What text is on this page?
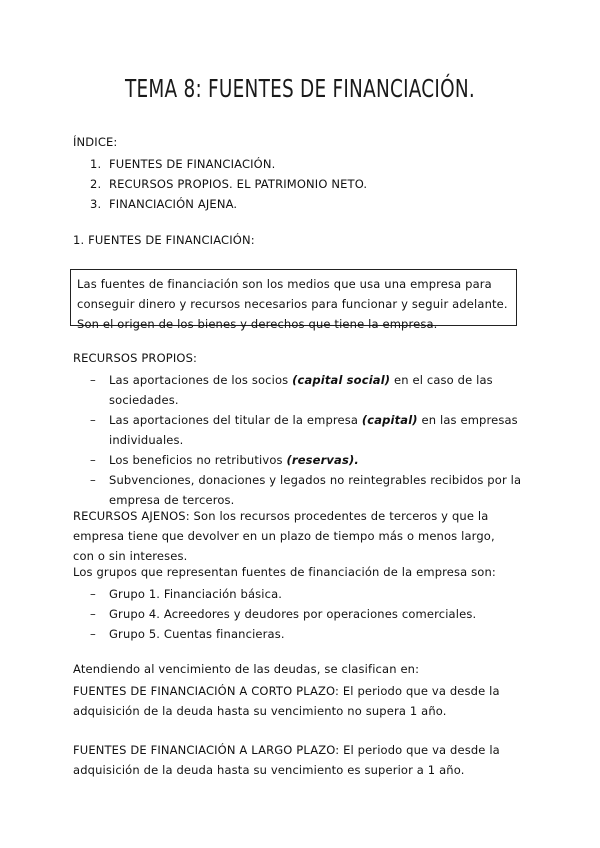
TEMA 8: FUENTES DE FINANCIACIÓN.
ÍNDICE:
1. FUENTES DE FINANCIACIÓN.
2. RECURSOS PROPIOS. EL PATRIMONIO NETO.
3. FINANCIACIÓN AJENA.
1. FUENTES DE FINANCIACIÓN:
Las fuentes de financiación son los medios que usa una empresa para conseguir dinero y recursos necesarios para funcionar y seguir adelante. Son el origen de los bienes y derechos que tiene la empresa.
RECURSOS PROPIOS:
– Las aportaciones de los socios (capital social) en el caso de las sociedades.
– Las aportaciones del titular de la empresa (capital) en las empresas individuales.
– Los beneficios no retributivos (reservas).
– Subvenciones, donaciones y legados no reintegrables recibidos por la empresa de terceros.
RECURSOS AJENOS: Son los recursos procedentes de terceros y que la empresa tiene que devolver en un plazo de tiempo más o menos largo, con o sin intereses.
Los grupos que representan fuentes de financiación de la empresa son:
– Grupo 1. Financiación básica.
– Grupo 4. Acreedores y deudores por operaciones comerciales.
– Grupo 5. Cuentas financieras.
Atendiendo al vencimiento de las deudas, se clasifican en:
FUENTES DE FINANCIACIÓN A CORTO PLAZO: El periodo que va desde la adquisición de la deuda hasta su vencimiento no supera 1 año.
FUENTES DE FINANCIACIÓN A LARGO PLAZO: El periodo que va desde la adquisición de la deuda hasta su vencimiento es superior a 1 año.
